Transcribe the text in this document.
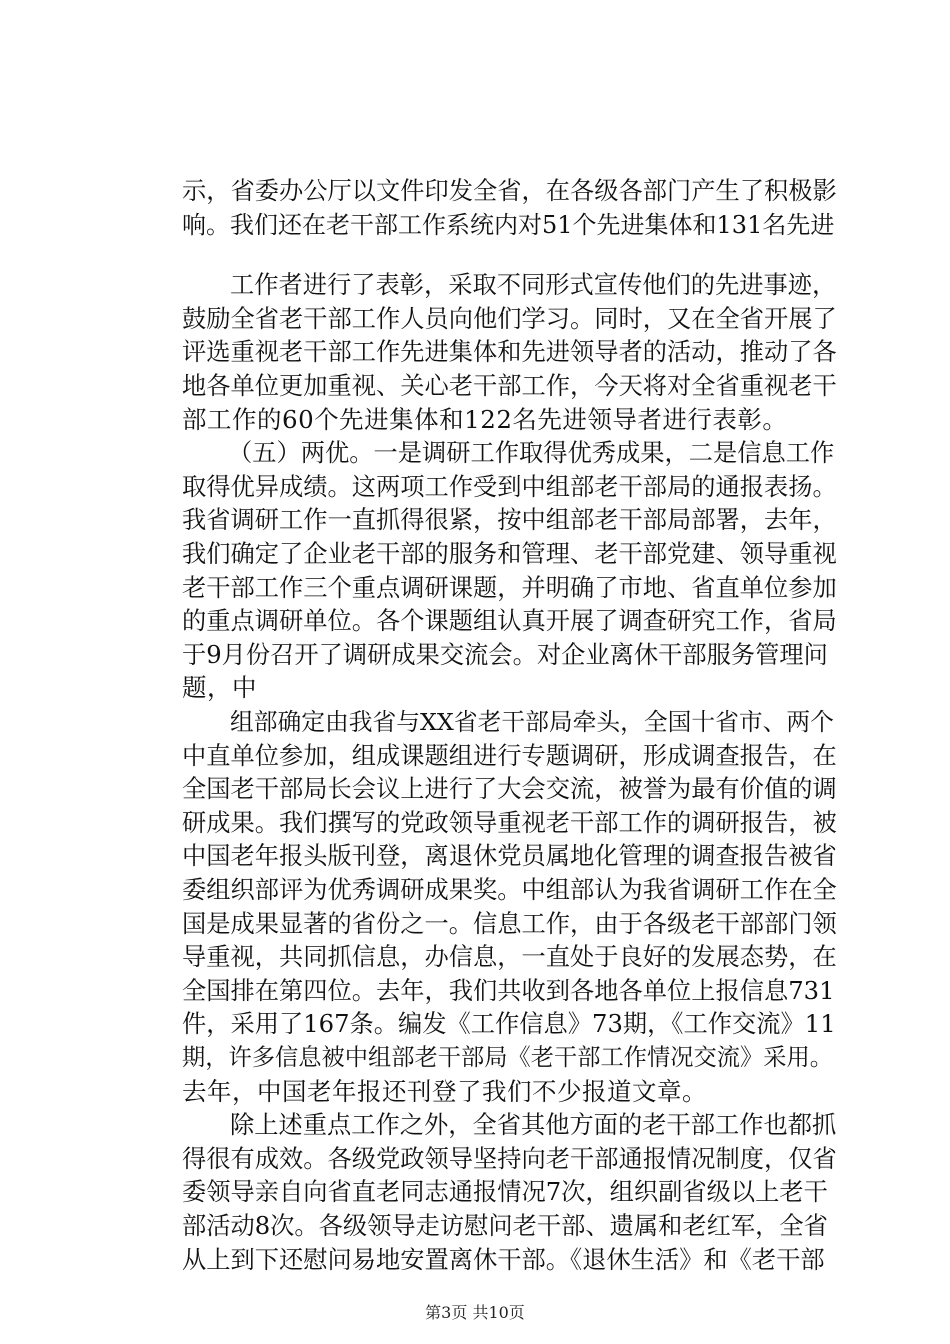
示，省委办公厅以文件印发全省，在各级各部门产生了积极影
响。我们还在老干部工作系统内对51个先进集体和131名先进
工作者进行了表彰，采取不同形式宣传他们的先进事迹，
鼓励全省老干部工作人员向他们学习。同时，又在全省开展了
评选重视老干部工作先进集体和先进领导者的活动，推动了各
地各单位更加重视、关心老干部工作，今天将对全省重视老干
部工作的60个先进集体和122名先进领导者进行表彰。
（五）两优。一是调研工作取得优秀成果，二是信息工作
取得优异成绩。这两项工作受到中组部老干部局的通报表扬。
我省调研工作一直抓得很紧，按中组部老干部局部署，去年，
我们确定了企业老干部的服务和管理、老干部党建、领导重视
老干部工作三个重点调研课题，并明确了市地、省直单位参加
的重点调研单位。各个课题组认真开展了调查研究工作，省局
于9月份召开了调研成果交流会。对企业离休干部服务管理问
题，中
组部确定由我省与XX省老干部局牵头，全国十省市、两个
中直单位参加，组成课题组进行专题调研，形成调查报告，在
全国老干部局长会议上进行了大会交流，被誉为最有价值的调
研成果。我们撰写的党政领导重视老干部工作的调研报告，被
中国老年报头版刊登，离退休党员属地化管理的调查报告被省
委组织部评为优秀调研成果奖。中组部认为我省调研工作在全
国是成果显著的省份之一。信息工作，由于各级老干部部门领
导重视，共同抓信息，办信息，一直处于良好的发展态势，在
全国排在第四位。去年，我们共收到各地各单位上报信息731
件，采用了167条。编发《工作信息》73期，《工作交流》11
期，许多信息被中组部老干部局《老干部工作情况交流》采用。
去年，中国老年报还刊登了我们不少报道文章。
除上述重点工作之外，全省其他方面的老干部工作也都抓
得很有成效。各级党政领导坚持向老干部通报情况制度，仅省
委领导亲自向省直老同志通报情况7次，组织副省级以上老干
部活动8次。各级领导走访慰问老干部、遗属和老红军，全省
从上到下还慰问易地安置离休干部。《退休生活》和《老干部
第3页 共10页
